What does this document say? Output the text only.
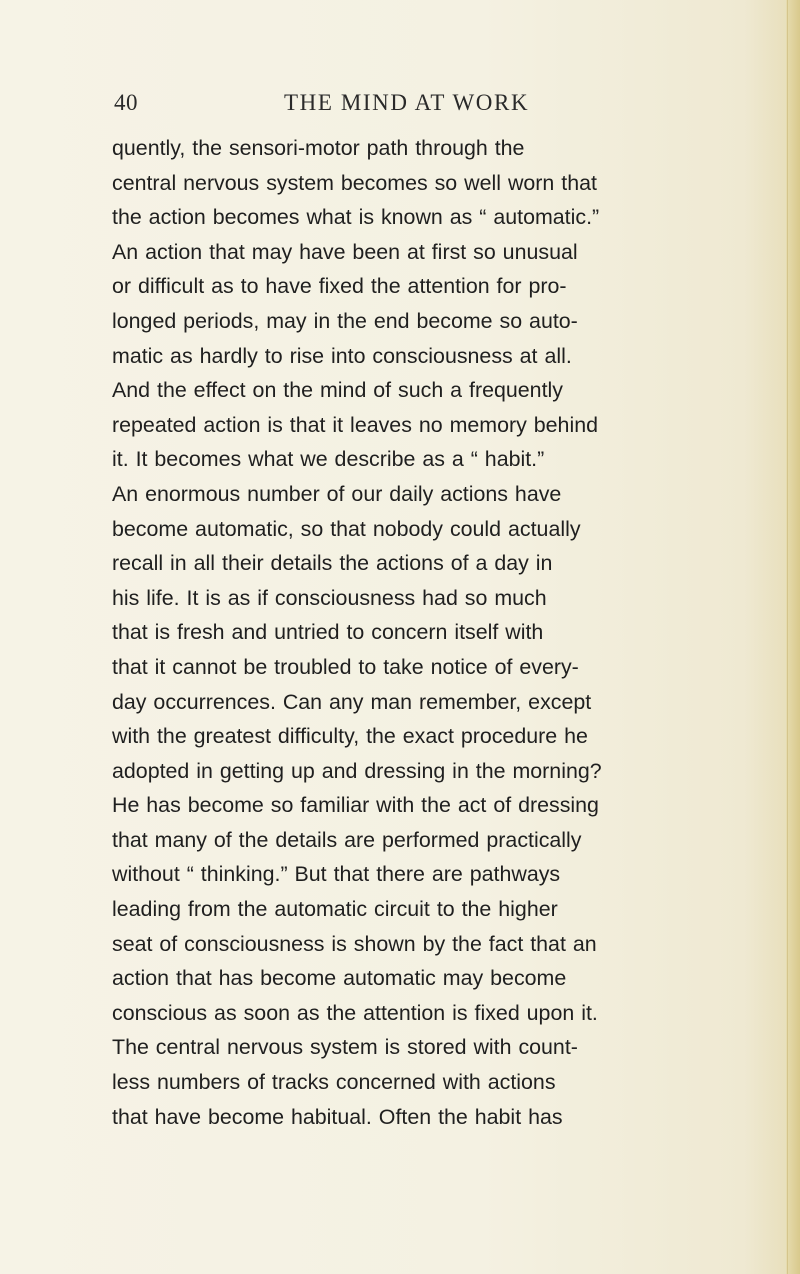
40	THE MIND AT WORK
quently, the sensori-motor path through the
central nervous system becomes so well worn that
the action becomes what is known as “ automatic.”
An action that may have been at first so unusual
or difficult as to have fixed the attention for pro-
longed periods, may in the end become so auto-
matic as hardly to rise into consciousness at all.
And the effect on the mind of such a frequently
repeated action is that it leaves no memory behind
it. It becomes what we describe as a “ habit.”
An enormous number of our daily actions have
become automatic, so that nobody could actually
recall in all their details the actions of a day in
his life. It is as if consciousness had so much
that is fresh and untried to concern itself with
that it cannot be troubled to take notice of every-
day occurrences. Can any man remember, except
with the greatest difficulty, the exact procedure he
adopted in getting up and dressing in the morning?
He has become so familiar with the act of dressing
that many of the details are performed practically
without “ thinking.” But that there are pathways
leading from the automatic circuit to the higher
seat of consciousness is shown by the fact that an
action that has become automatic may become
conscious as soon as the attention is fixed upon it.
The central nervous system is stored with count-
less numbers of tracks concerned with actions
that have become habitual. Often the habit has
